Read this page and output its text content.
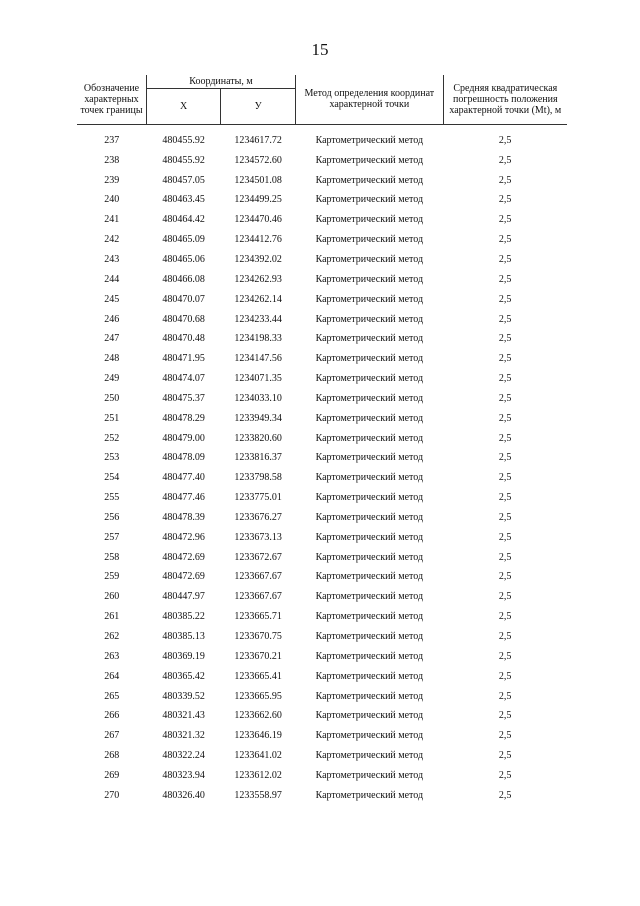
15
Обозначение характерных точек границы	Координаты, м		Метод определения координат характерной точки	Средняя квадратическая погрешность положения характерной точки (Mt), м
	X	У		
237	480455.92	1234617.72	Картометрический метод	2,5
238	480455.92	1234572.60	Картометрический метод	2,5
239	480457.05	1234501.08	Картометрический метод	2,5
240	480463.45	1234499.25	Картометрический метод	2,5
241	480464.42	1234470.46	Картометрический метод	2,5
242	480465.09	1234412.76	Картометрический метод	2,5
243	480465.06	1234392.02	Картометрический метод	2,5
244	480466.08	1234262.93	Картометрический метод	2,5
245	480470.07	1234262.14	Картометрический метод	2,5
246	480470.68	1234233.44	Картометрический метод	2,5
247	480470.48	1234198.33	Картометрический метод	2,5
248	480471.95	1234147.56	Картометрический метод	2,5
249	480474.07	1234071.35	Картометрический метод	2,5
250	480475.37	1234033.10	Картометрический метод	2,5
251	480478.29	1233949.34	Картометрический метод	2,5
252	480479.00	1233820.60	Картометрический метод	2,5
253	480478.09	1233816.37	Картометрический метод	2,5
254	480477.40	1233798.58	Картометрический метод	2,5
255	480477.46	1233775.01	Картометрический метод	2,5
256	480478.39	1233676.27	Картометрический метод	2,5
257	480472.96	1233673.13	Картометрический метод	2,5
258	480472.69	1233672.67	Картометрический метод	2,5
259	480472.69	1233667.67	Картометрический метод	2,5
260	480447.97	1233667.67	Картометрический метод	2,5
261	480385.22	1233665.71	Картометрический метод	2,5
262	480385.13	1233670.75	Картометрический метод	2,5
263	480369.19	1233670.21	Картометрический метод	2,5
264	480365.42	1233665.41	Картометрический метод	2,5
265	480339.52	1233665.95	Картометрический метод	2,5
266	480321.43	1233662.60	Картометрический метод	2,5
267	480321.32	1233646.19	Картометрический метод	2,5
268	480322.24	1233641.02	Картометрический метод	2,5
269	480323.94	1233612.02	Картометрический метод	2,5
270	480326.40	1233558.97	Картометрический метод	2,5
